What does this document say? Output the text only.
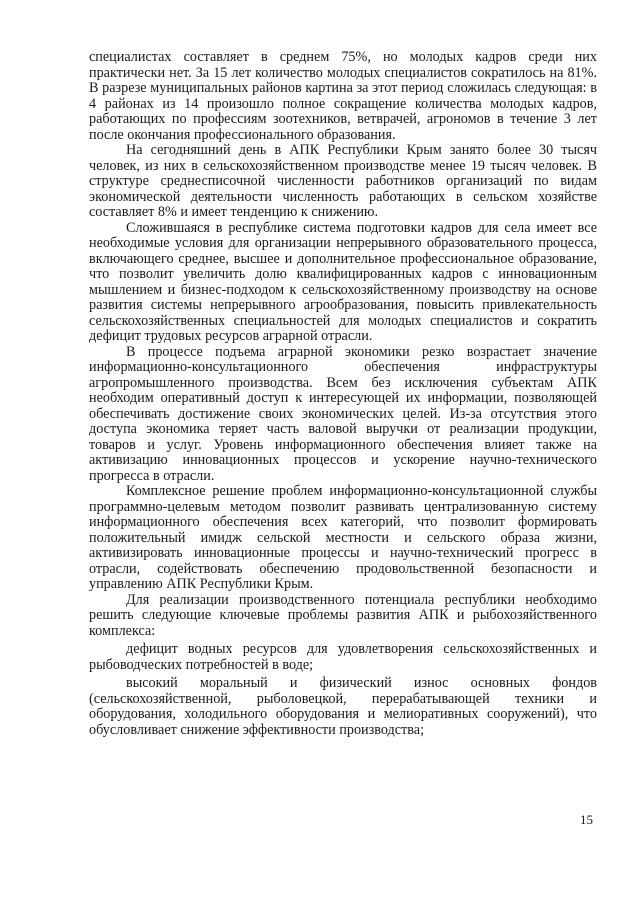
специалистах составляет в среднем 75%, но молодых кадров среди них практически нет. За 15 лет количество молодых специалистов сократилось на 81%. В разрезе муниципальных районов картина за этот период сложилась следующая: в 4 районах из 14 произошло полное сокращение количества молодых кадров, работающих по профессиям зоотехников, ветврачей, агрономов в течение 3 лет после окончания профессионального образования.

На сегодняшний день в АПК Республики Крым занято более 30 тысяч человек, из них в сельскохозяйственном производстве менее 19 тысяч человек. В структуре среднесписочной численности работников организаций по видам экономической деятельности численность работающих в сельском хозяйстве составляет 8% и имеет тенденцию к снижению.

Сложившаяся в республике система подготовки кадров для села имеет все необходимые условия для организации непрерывного образовательного процесса, включающего среднее, высшее и дополнительное профессиональное образование, что позволит увеличить долю квалифицированных кадров с инновационным мышлением и бизнес-подходом к сельскохозяйственному производству на основе развития системы непрерывного агрообразования, повысить привлекательность сельскохозяйственных специальностей для молодых специалистов и сократить дефицит трудовых ресурсов аграрной отрасли.

В процессе подъема аграрной экономики резко возрастает значение информационно-консультационного обеспечения инфраструктуры агропромышленного производства. Всем без исключения субъектам АПК необходим оперативный доступ к интересующей их информации, позволяющей обеспечивать достижение своих экономических целей. Из-за отсутствия этого доступа экономика теряет часть валовой выручки от реализации продукции, товаров и услуг. Уровень информационного обеспечения влияет также на активизацию инновационных процессов и ускорение научно-технического прогресса в отрасли.

Комплексное решение проблем информационно-консультационной службы программно-целевым методом позволит развивать централизованную систему информационного обеспечения всех категорий, что позволит формировать положительный имидж сельской местности и сельского образа жизни, активизировать инновационные процессы и научно-технический прогресс в отрасли, содействовать обеспечению продовольственной безопасности и управлению АПК Республики Крым.

Для реализации производственного потенциала республики необходимо решить следующие ключевые проблемы развития АПК и рыбохозяйственного комплекса:

дефицит водных ресурсов для удовлетворения сельскохозяйственных и рыбоводческих потребностей в воде;

высокий моральный и физический износ основных фондов (сельскохозяйственной, рыболовецкой, перерабатывающей техники и оборудования, холодильного оборудования и мелиоративных сооружений), что обусловливает снижение эффективности производства;

15
